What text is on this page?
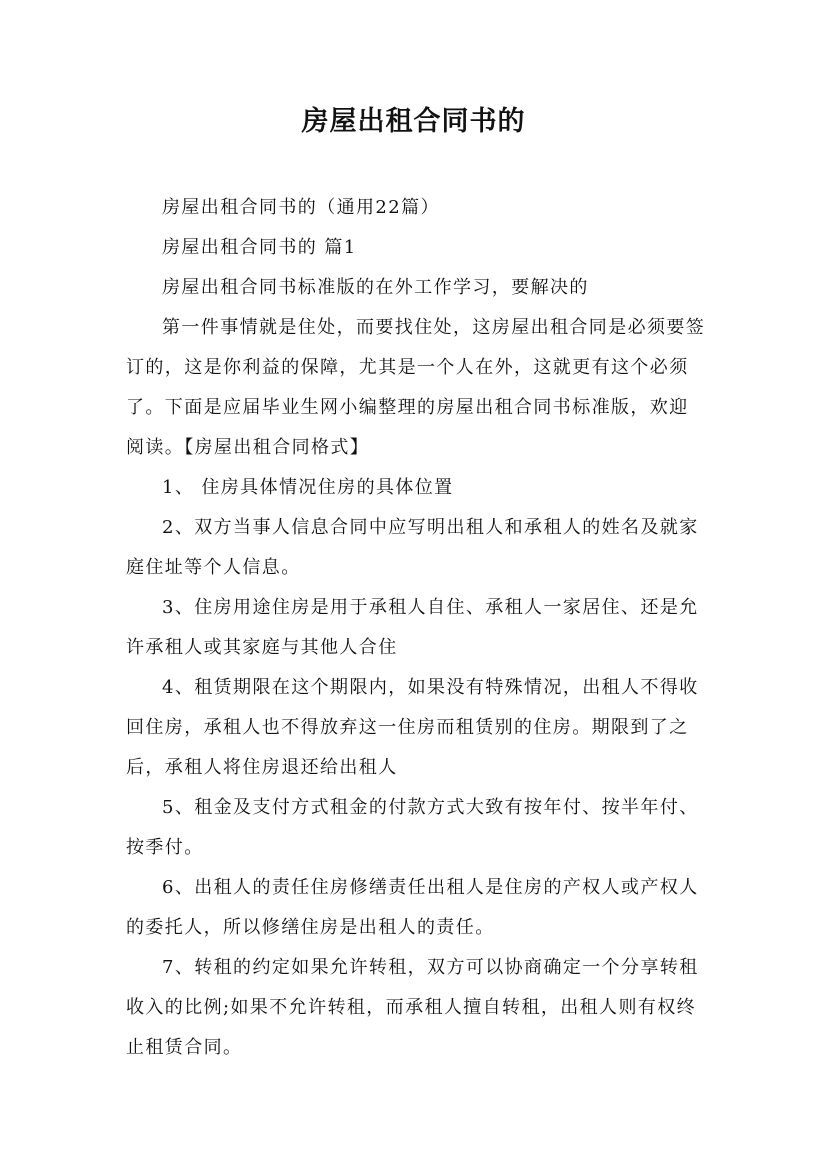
房屋出租合同书的

房屋出租合同书的（通用22篇）

房屋出租合同书的 篇1

房屋出租合同书标准版的在外工作学习，要解决的

第一件事情就是住处，而要找住处，这房屋出租合同是必须要签订的，这是你利益的保障，尤其是一个人在外，这就更有这个必须了。下面是应届毕业生网小编整理的房屋出租合同书标准版，欢迎阅读。【房屋出租合同格式】

1、 住房具体情况住房的具体位置

2、双方当事人信息合同中应写明出租人和承租人的姓名及就家庭住址等个人信息。

3、住房用途住房是用于承租人自住、承租人一家居住、还是允许承租人或其家庭与其他人合住

4、租赁期限在这个期限内，如果没有特殊情况，出租人不得收回住房，承租人也不得放弃这一住房而租赁别的住房。期限到了之后，承租人将住房退还给出租人

5、租金及支付方式租金的付款方式大致有按年付、按半年付、按季付。

6、出租人的责任住房修缮责任出租人是住房的产权人或产权人的委托人，所以修缮住房是出租人的责任。

7、转租的约定如果允许转租，双方可以协商确定一个分享转租收入的比例;如果不允许转租，而承租人擅自转租，出租人则有权终止租赁合同。
